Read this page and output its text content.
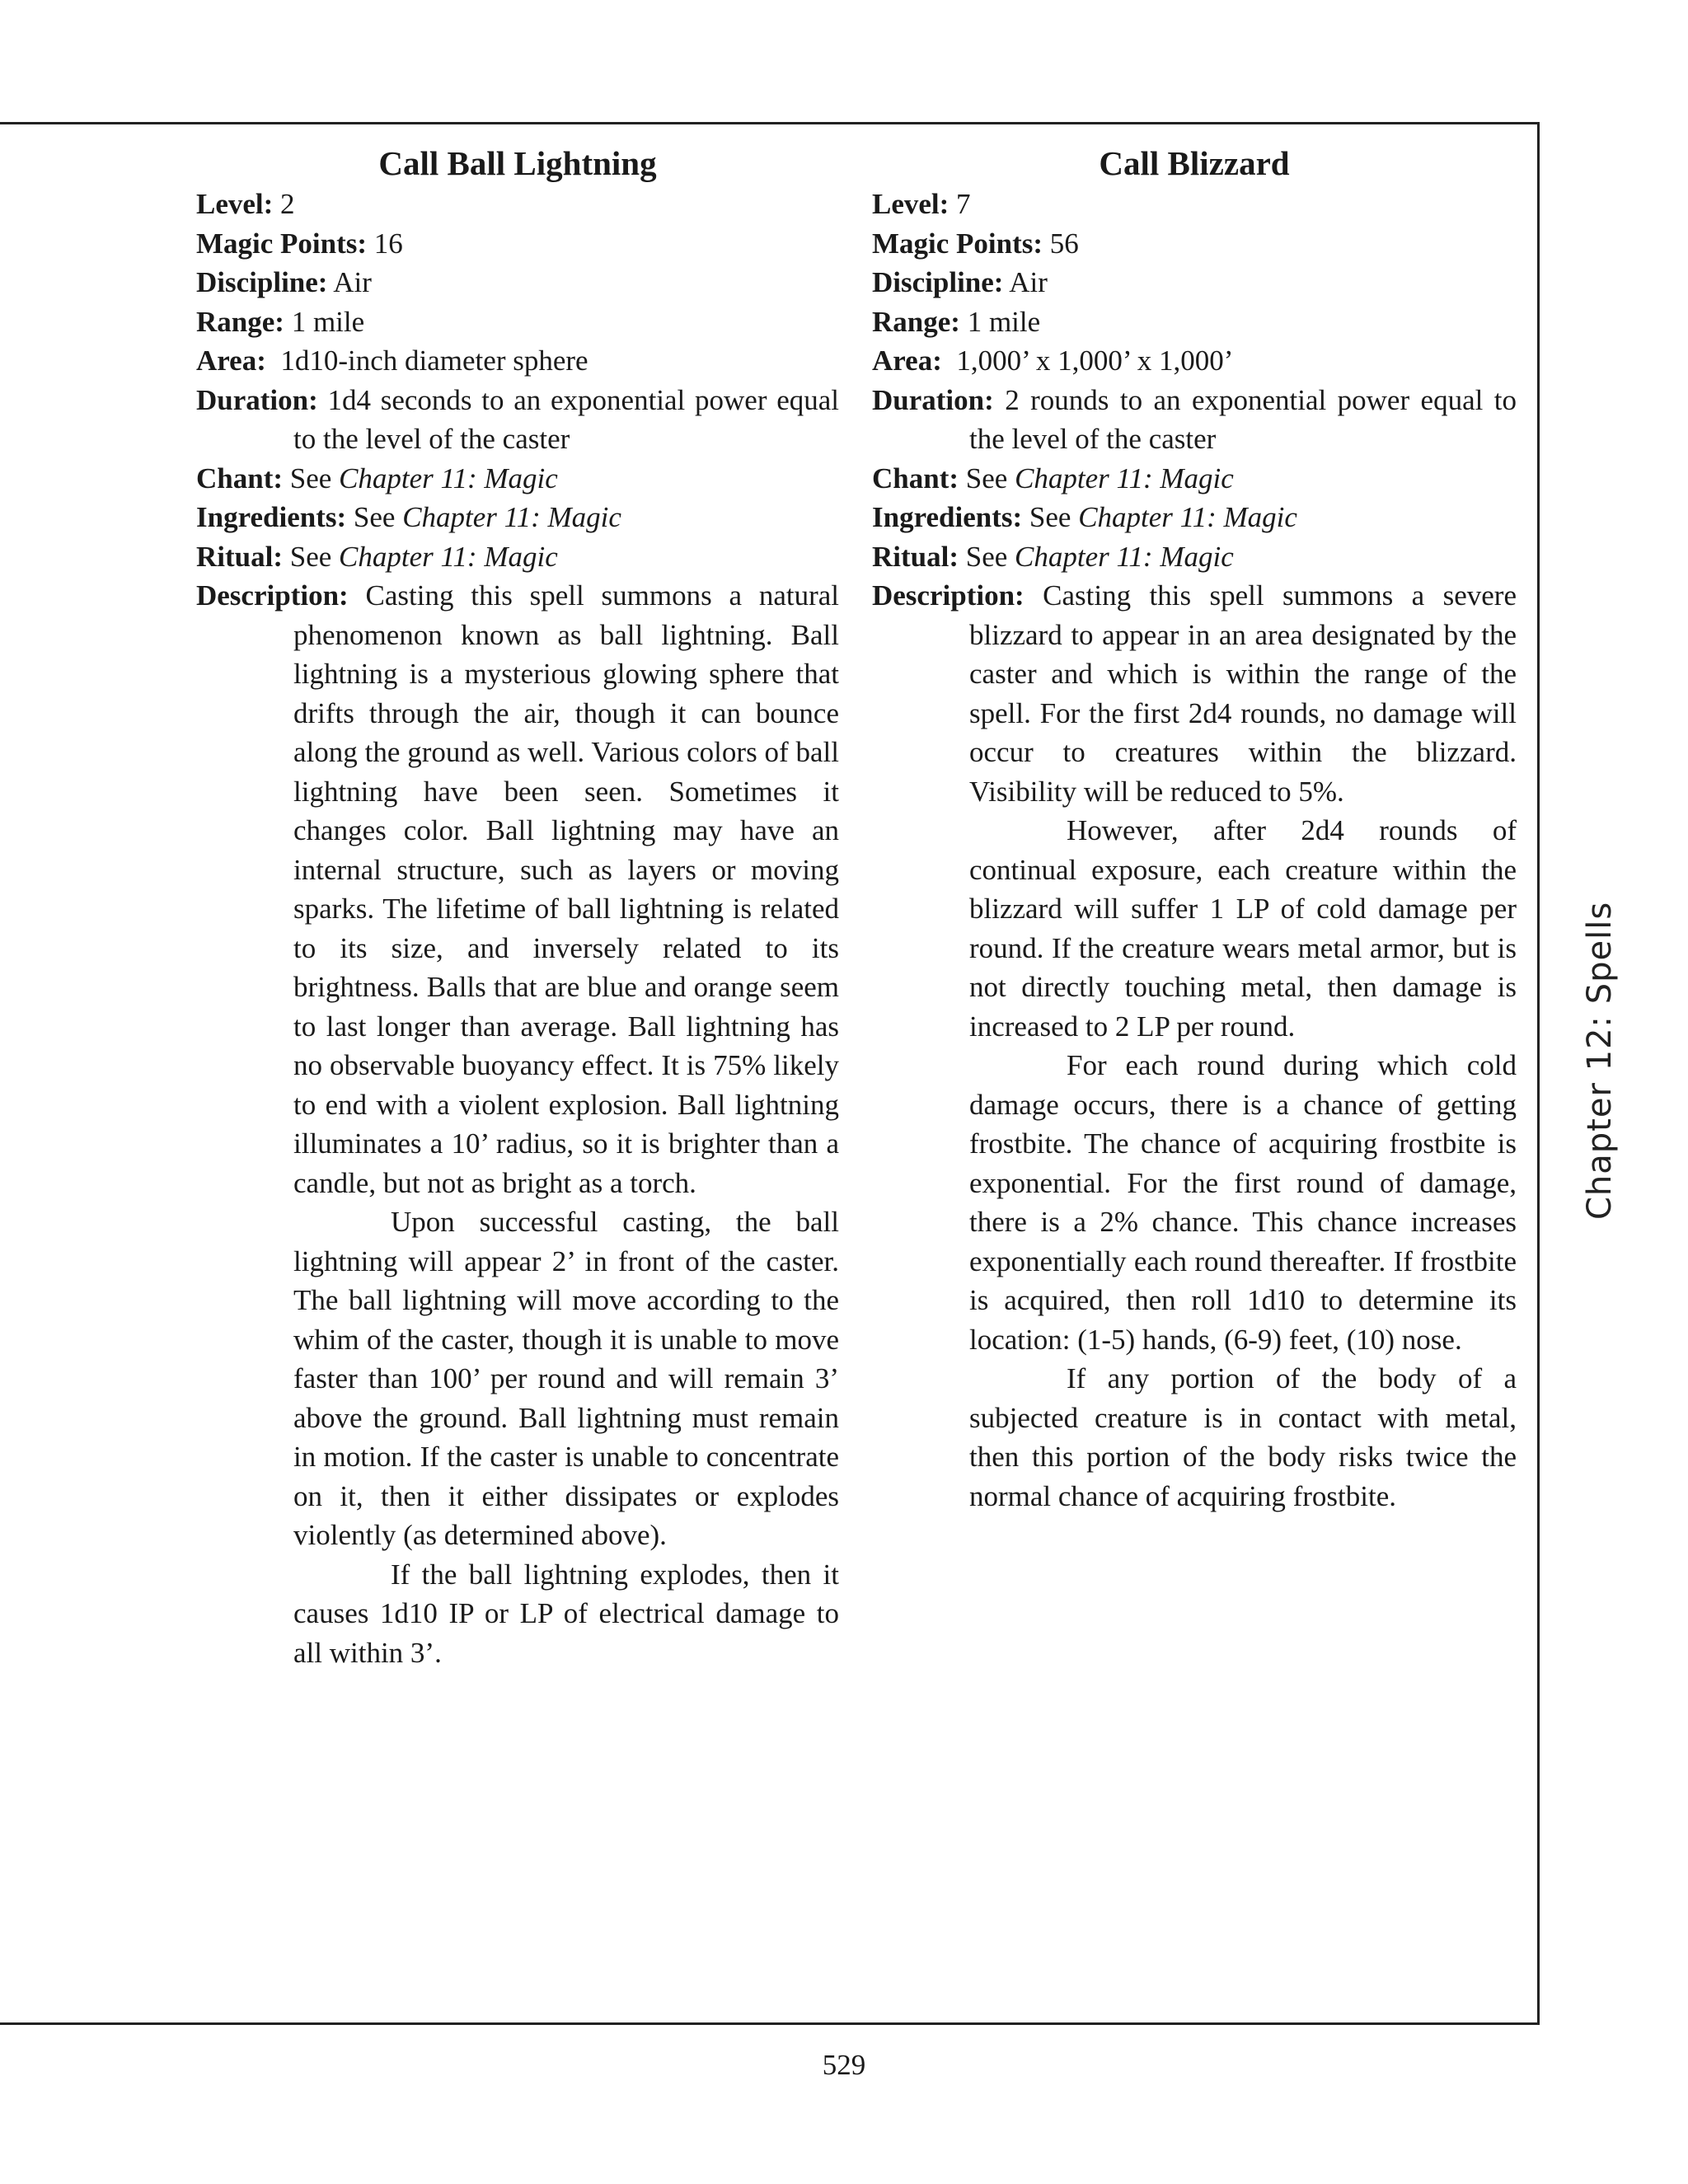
Call Ball Lightning

Level: 2

Magic Points: 16

Discipline: Air

Range: 1 mile

Area:  1d10-inch diameter sphere

Duration: 1d4 seconds to an exponential power equal to the level of the caster

Chant: See Chapter 11: Magic

Ingredients: See Chapter 11: Magic

Ritual: See Chapter 11: Magic

Description: Casting this spell summons a natural phenomenon known as ball lightning. Ball lightning is a mysterious glowing sphere that drifts through the air, though it can bounce along the ground as well. Various colors of ball lightning have been seen. Sometimes it changes color. Ball lightning may have an internal structure, such as layers or moving sparks. The lifetime of ball lightning is related to its size, and inversely related to its brightness. Balls that are blue and orange seem to last longer than average. Ball lightning has no observable buoyancy effect. It is 75% likely to end with a violent explosion. Ball lightning illuminates a 10’ radius, so it is brighter than a candle, but not as bright as a torch.

Upon successful casting, the ball lightning will appear 2’ in front of the caster. The ball lightning will move according to the whim of the caster, though it is unable to move faster than 100’ per round and will remain 3’ above the ground. Ball lightning must remain in motion. If the caster is unable to concentrate on it, then it either dissipates or explodes violently (as determined above).

If the ball lightning explodes, then it causes 1d10 IP or LP of electrical damage to all within 3’.

Call Blizzard

Level: 7

Magic Points: 56

Discipline: Air

Range: 1 mile

Area:  1,000’ x 1,000’ x 1,000’

Duration: 2 rounds to an exponential power equal to the level of the caster

Chant: See Chapter 11: Magic

Ingredients: See Chapter 11: Magic

Ritual: See Chapter 11: Magic

Description: Casting this spell summons a severe blizzard to appear in an area designated by the caster and which is within the range of the spell. For the first 2d4 rounds, no damage will occur to creatures within the blizzard. Visibility will be reduced to 5%.

However, after 2d4 rounds of continual exposure, each creature within the blizzard will suffer 1 LP of cold damage per round. If the creature wears metal armor, but is not directly touching metal, then damage is increased to 2 LP per round.

For each round during which cold damage occurs, there is a chance of getting frostbite. The chance of acquiring frostbite is exponential. For the first round of damage, there is a 2% chance. This chance increases exponentially each round thereafter. If frostbite is acquired, then roll 1d10 to determine its location: (1-5) hands, (6-9) feet, (10) nose.

If any portion of the body of a subjected creature is in contact with metal, then this portion of the body risks twice the normal chance of acquiring frostbite.

Chapter 12: Spells
529
